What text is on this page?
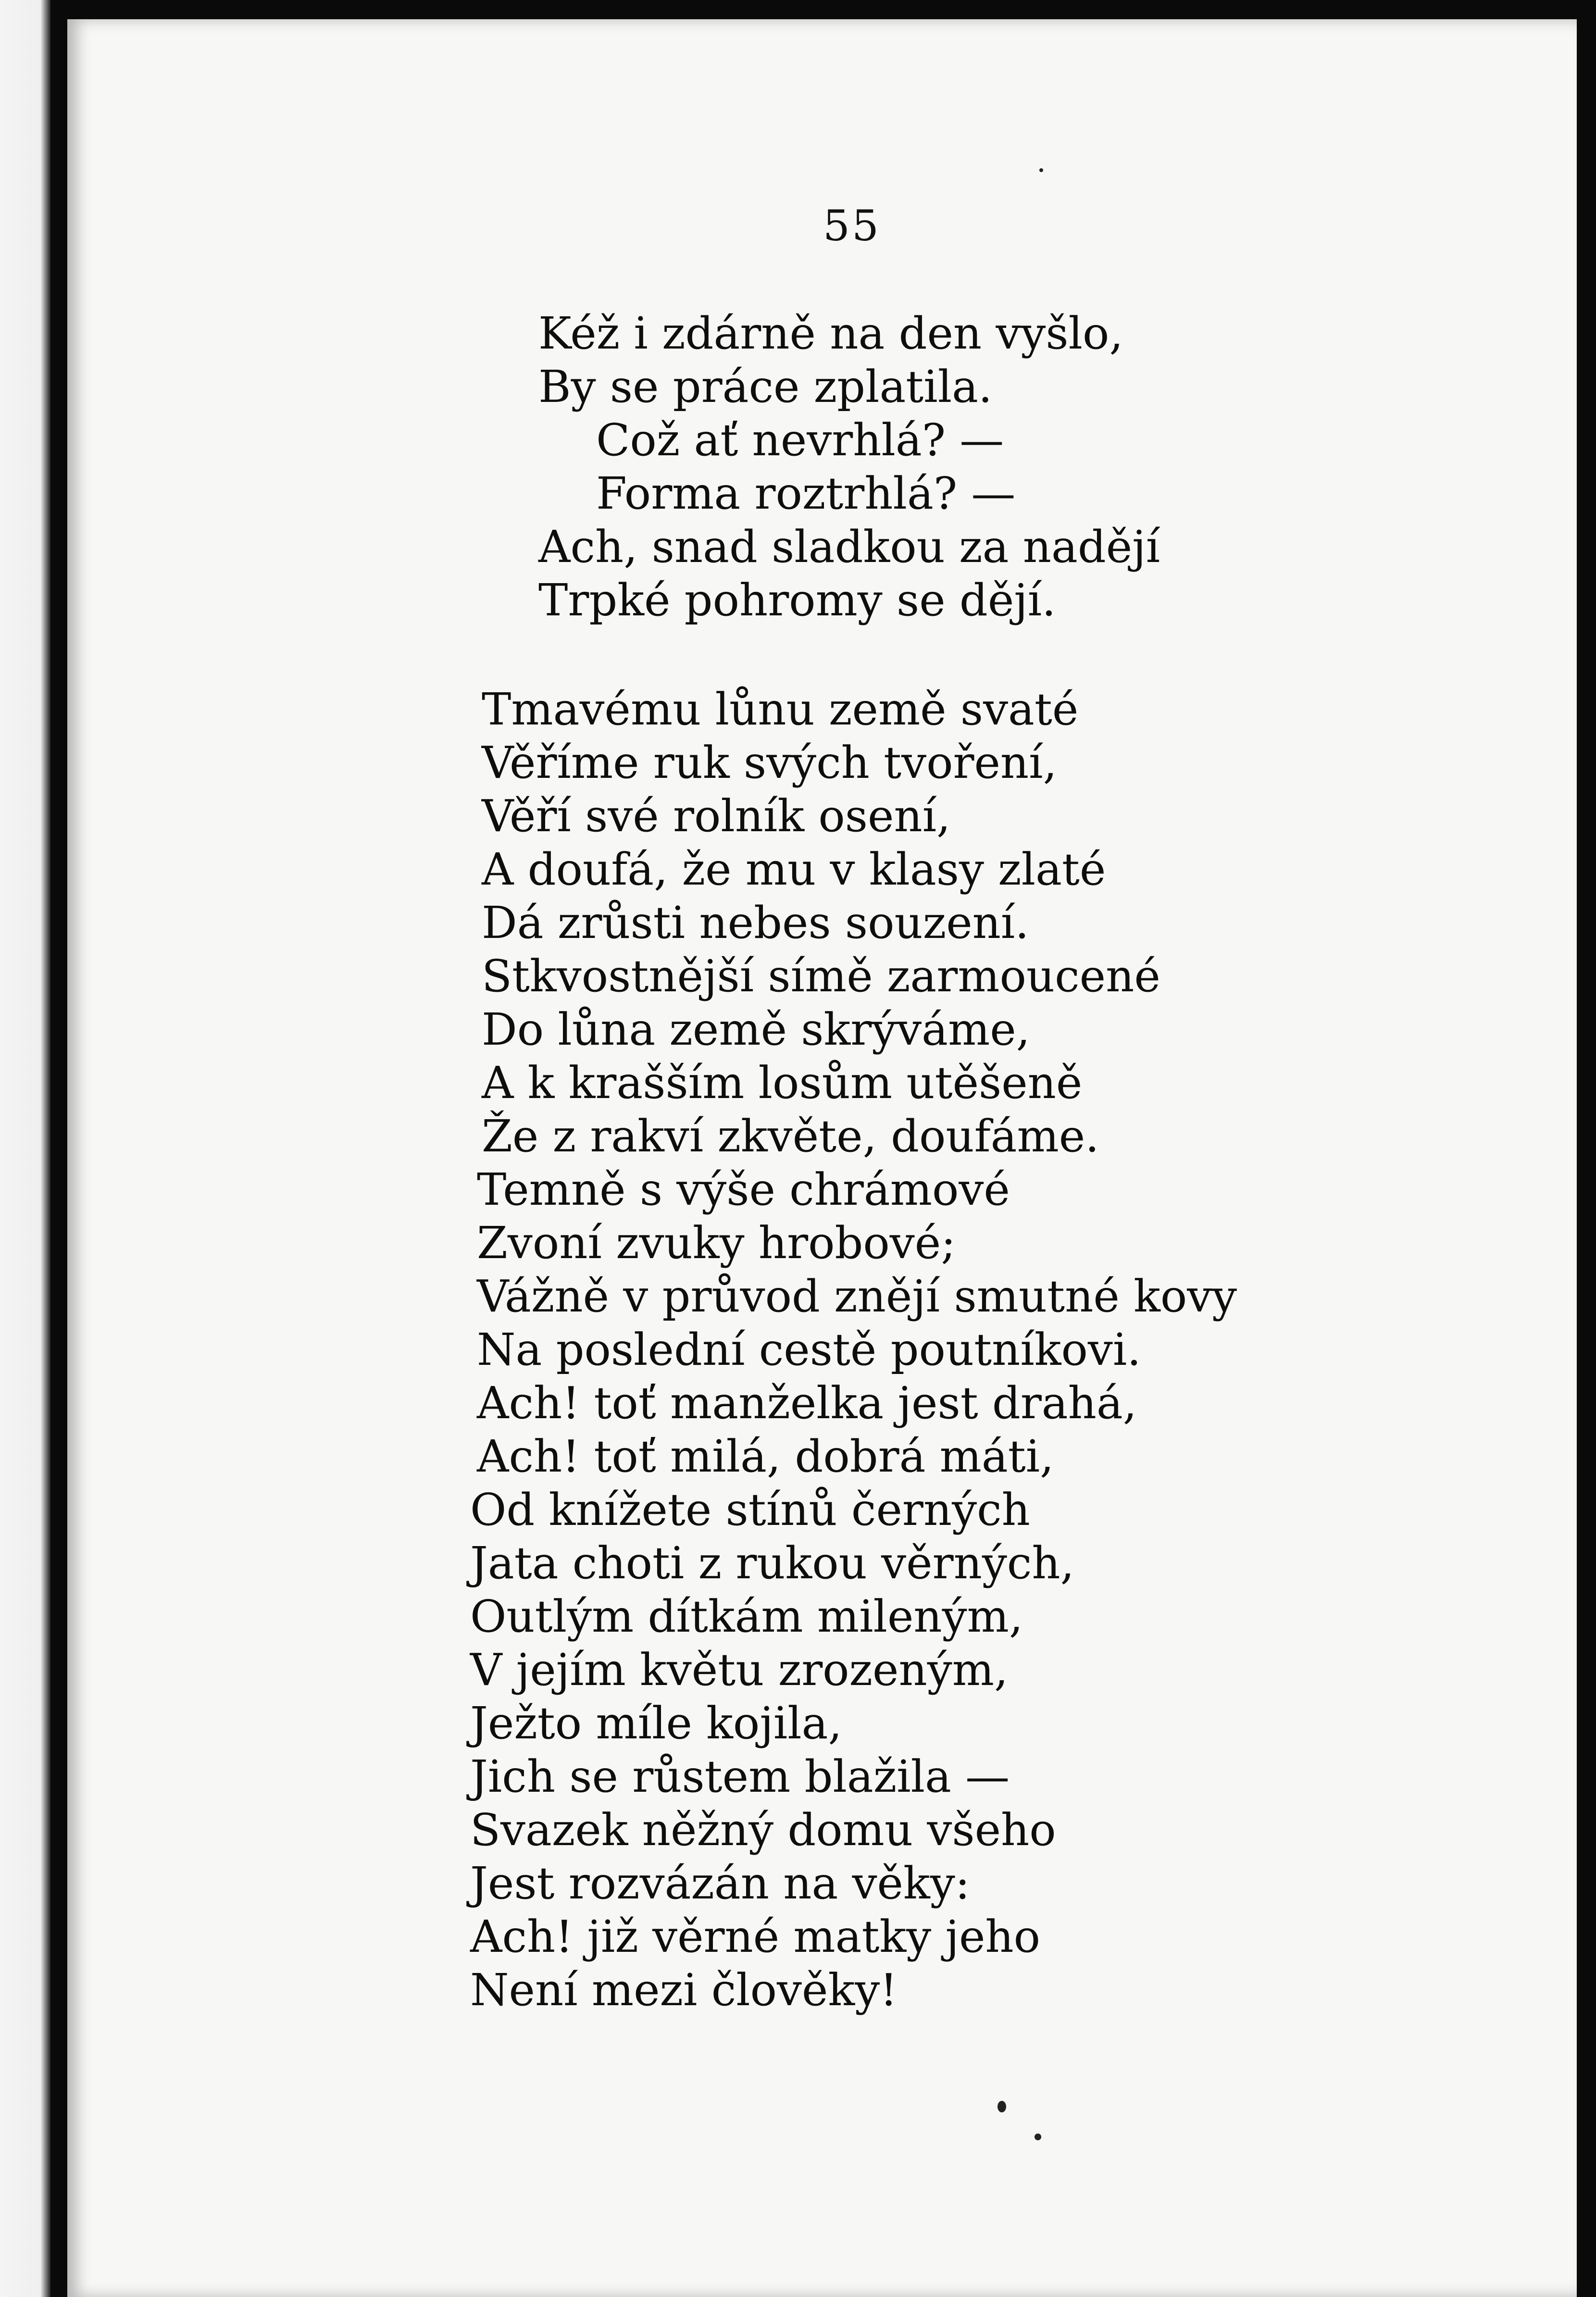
55
Kéž i zdárně na den vyšlo,
By se práce zplatila.
Což ať nevrhlá? —
Forma roztrhlá? —
Ach, snad sladkou za nadějí
Trpké pohromy se dějí.
Tmavému lůnu země svaté
Věříme ruk svých tvoření,
Věří své rolník osení,
A doufá, že mu v klasy zlaté
Dá zrůsti nebes souzení.
Stkvostnější símě zarmoucené
Do lůna země skrýváme,
A k krašším losům utěšeně
Že z rakví zkvěte, doufáme.
Temně s výše chrámové
Zvoní zvuky hrobové;
Vážně v průvod znějí smutné kovy
Na poslední cestě poutníkovi.
Ach! toť manželka jest drahá,
Ach! toť milá, dobrá máti,
Od knížete stínů černých
Jata choti z rukou věrných,
Outlým dítkám mileným,
V jejím květu zrozeným,
Ježto míle kojila,
Jich se růstem blažila —
Svazek něžný domu všeho
Jest rozvázán na věky:
Ach! již věrné matky jeho
Není mezi člověky!
